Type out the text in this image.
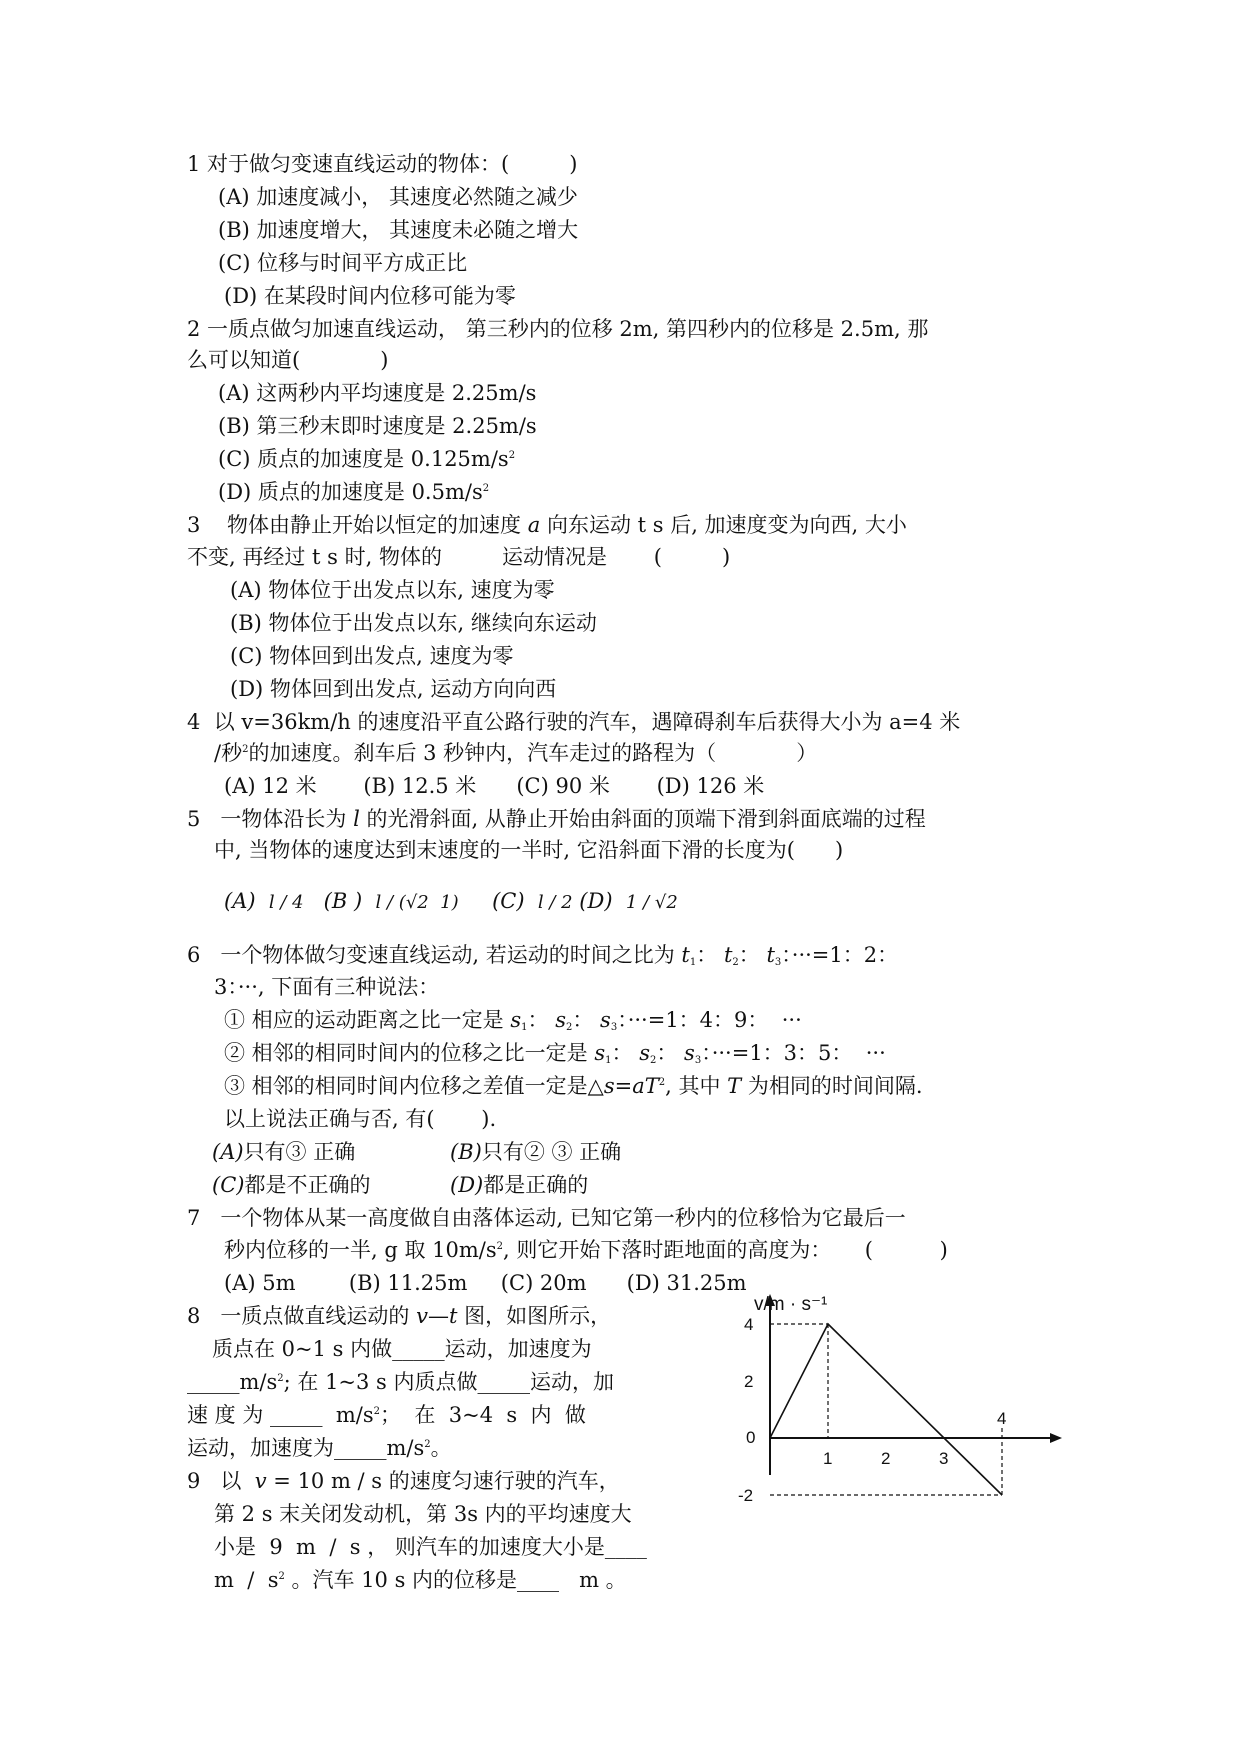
1 对于做匀变速直线运动的物体：(         )
(A) 加速度减小， 其速度必然随之减少
(B) 加速度增大， 其速度未必随之增大
(C) 位移与时间平方成正比
(D) 在某段时间内位移可能为零
2 一质点做匀加速直线运动， 第三秒内的位移 2m, 第四秒内的位移是 2.5m, 那
么可以知道(            )
(A) 这两秒内平均速度是 2.25m/s
(B) 第三秒末即时速度是 2.25m/s
(C) 质点的加速度是 $0.125m/s^2$
(D) 质点的加速度是 $0.5m/s^2$
3    物体由静止开始以恒定的加速度 a 向东运动 t s 后, 加速度变为向西, 大小
不变, 再经过 t s 时, 物体的         运动情况是       (         )
(A) 物体位于出发点以东, 速度为零
(B) 物体位于出发点以东, 继续向东运动
(C) 物体回到出发点, 速度为零
(D) 物体回到出发点, 运动方向向西
4  以 v=36km/h 的速度沿平直公路行驶的汽车，遇障碍刹车后获得大小为 a=4 米
/秒$^2$的加速度。刹车后 3 秒钟内，汽车走过的路程为（            ）
(A) 12 米       (B) 12.5 米      (C) 90 米       (D) 126 米
5   一物体沿长为 l 的光滑斜面, 从静止开始由斜面的顶端下滑到斜面底端的过程
中, 当物体的速度达到末速度的一半时, 它沿斜面下滑的长度为(      )
(A) l / 4 (B ) l / (√2  1) (C) l / 2 (D) 1 / √2
6   一个物体做匀变速直线运动, 若运动的时间之比为 $t_1$： $t_2$： $t_3$：···=1：2：
3：···, 下面有三种说法：
① 相应的运动距离之比一定是 $s_1$： $s_2$： $s_3$：···=1：4：9：  ···
② 相邻的相同时间内的位移之比一定是 $s_1$： $s_2$： $s_3$：···=1：3：5：  ···
③ 相邻的相同时间内位移之差值一定是$\triangle s=aT^2$, 其中 T 为相同的时间间隔.
以上说法正确与否, 有(       ).
(A)只有③ 正确	(B)只有② ③ 正确
(C)都是不正确的	(D)都是正确的
7   一个物体从某一高度做自由落体运动, 已知它第一秒内的位移恰为它最后一
秒内位移的一半, g 取 $10m/s^2$, 则它开始下落时距地面的高度为：     (          )
(A) 5m        (B) 11.25m     (C) 20m      (D) 31.25m
8   一质点做直线运动的 v—t 图，如图所示，
质点在 0~1 s 内做_____运动，加速度为
$\_\_\_\_\_m/s^2$; 在 1~3 s 内质点做_____运动，加
速 度 为 _____  $m/s^2$；  在  3~4  s  内  做
运动，加速度为$\_\_\_\_\_m/s^2$。
9   以  v = 10 m / s 的速度匀速行驶的汽车，
第 2 s 末关闭发动机，第 3s 内的平均速度大
小是  9  m  /  s ， 则汽车的加速度大小是____
m  /  $s^2$ 。汽车 10 s 内的位移是____   m 。
v/m · s⁻¹
0
1	2	3
4
4
2
-2
